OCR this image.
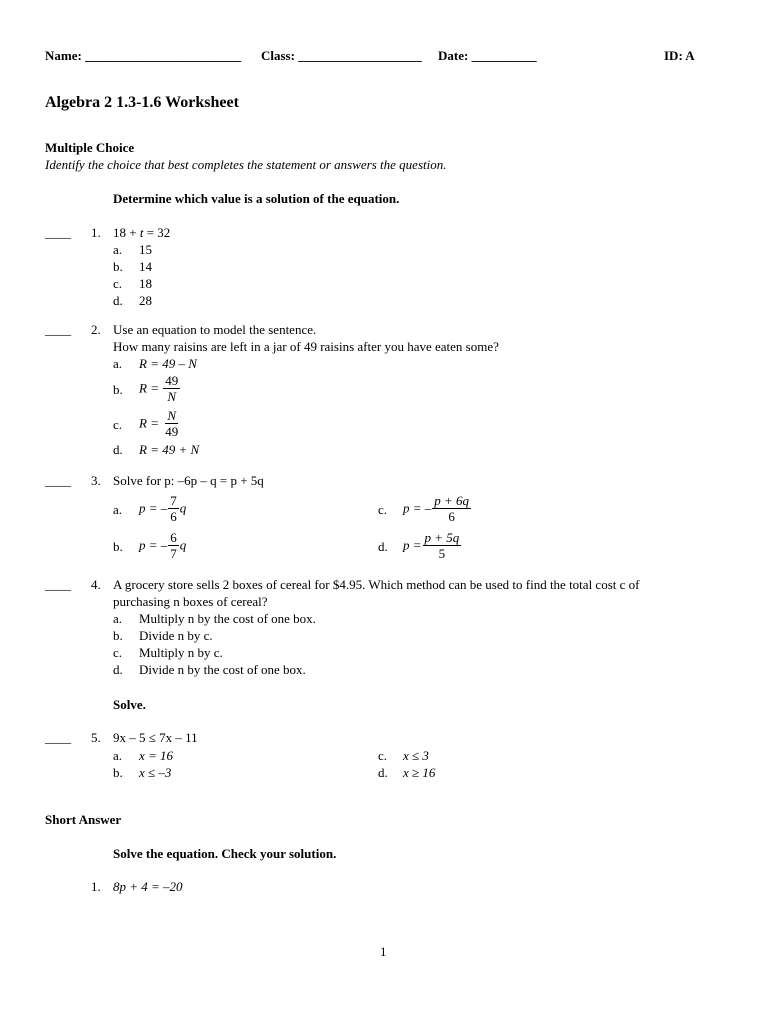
Name: ________________________ Class: ___________________ Date: __________	ID: A
Algebra 2 1.3-1.6 Worksheet
Multiple Choice
Identify the choice that best completes the statement or answers the question.
Determine which value is a solution of the equation.
____ 1. 18 + t = 32
a. 15
b. 14
c. 18
d. 28
____ 2. Use an equation to model the sentence.
How many raisins are left in a jar of 49 raisins after you have eaten some?
a. R = 49 – N
b. $R = \frac{49}{N}$
c. $R = \frac{N}{49}$
d. R = 49 + N
____ 3. Solve for p: –6p – q = p + 5q
a. p = – $\frac{7}{6}$ q	c. p = – $\frac{p + 6q}{6}$
b. p = – $\frac{6}{7}$ q	d. $p = \frac{p + 5q}{5}$
____ 4. A grocery store sells 2 boxes of cereal for $4.95. Which method can be used to find the total cost c of
purchasing n boxes of cereal?
a. Multiply n by the cost of one box.
b. Divide n by c.
c. Multiply n by c.
d. Divide n by the cost of one box.
Solve.
____ 5. 9x – 5 ≤ 7x – 11
a. x = 16	c. x ≤ 3
b. x ≤ –3	d. x ≥ 16
Short Answer
Solve the equation. Check your solution.
1. 8p + 4 = –20
1
